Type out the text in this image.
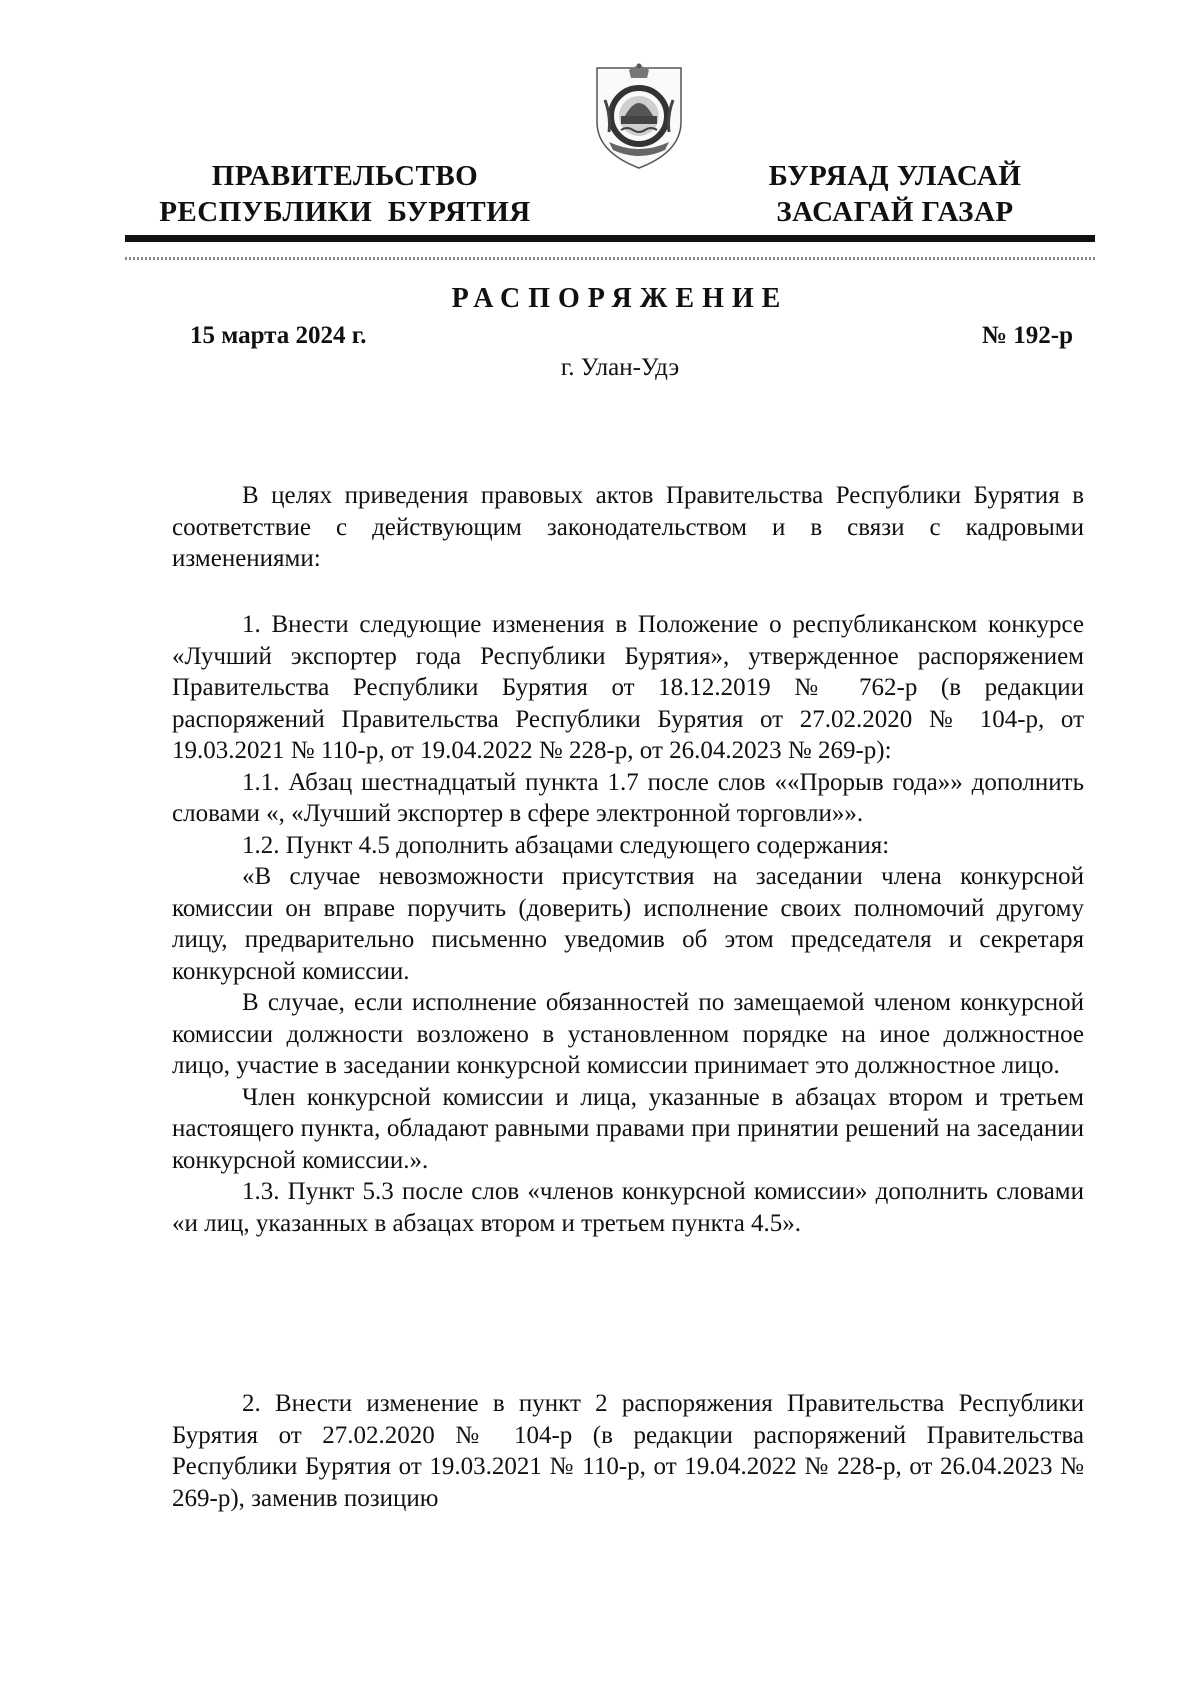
ПРАВИТЕЛЬСТВО
РЕСПУБЛИКИ  БУРЯТИЯ
БУРЯАД УЛАСАЙ
ЗАСАГАЙ ГАЗАР
РАСПОРЯЖЕНИЕ
15 марта 2024 г.	№ 192-р
г. Улан-Удэ

В целях приведения правовых актов Правительства Республики Бурятия в соответствие с действующим законодательством и в связи с кадровыми изменениями:

1. Внести следующие изменения в Положение о республиканском конкурсе «Лучший экспортер года Республики Бурятия», утвержденное распоряжением Правительства Республики Бурятия от 18.12.2019 № 762-р (в редакции распоряжений Правительства Республики Бурятия от 27.02.2020 № 104-р, от 19.03.2021 № 110-р, от 19.04.2022 № 228-р, от 26.04.2023 № 269-р):

1.1. Абзац шестнадцатый пункта 1.7 после слов ««Прорыв года»» дополнить словами «, «Лучший экспортер в сфере электронной торговли»».

1.2. Пункт 4.5 дополнить абзацами следующего содержания:

«В случае невозможности присутствия на заседании члена конкурсной комиссии он вправе поручить (доверить) исполнение своих полномочий другому лицу, предварительно письменно уведомив об этом председателя и секретаря конкурсной комиссии.

В случае, если исполнение обязанностей по замещаемой членом конкурсной комиссии должности возложено в установленном порядке на иное должностное лицо, участие в заседании конкурсной комиссии принимает это должностное лицо.

Член конкурсной комиссии и лица, указанные в абзацах втором и третьем настоящего пункта, обладают равными правами при принятии решений на заседании конкурсной комиссии.».

1.3. Пункт 5.3 после слов «членов конкурсной комиссии» дополнить словами «и лиц, указанных в абзацах втором и третьем пункта 4.5».

2. Внести изменение в пункт 2 распоряжения Правительства Республики Бурятия от 27.02.2020 № 104-р (в редакции распоряжений Правительства Республики Бурятия от 19.03.2021 № 110-р, от 19.04.2022 № 228-р, от 26.04.2023 № 269-р), заменив позицию
